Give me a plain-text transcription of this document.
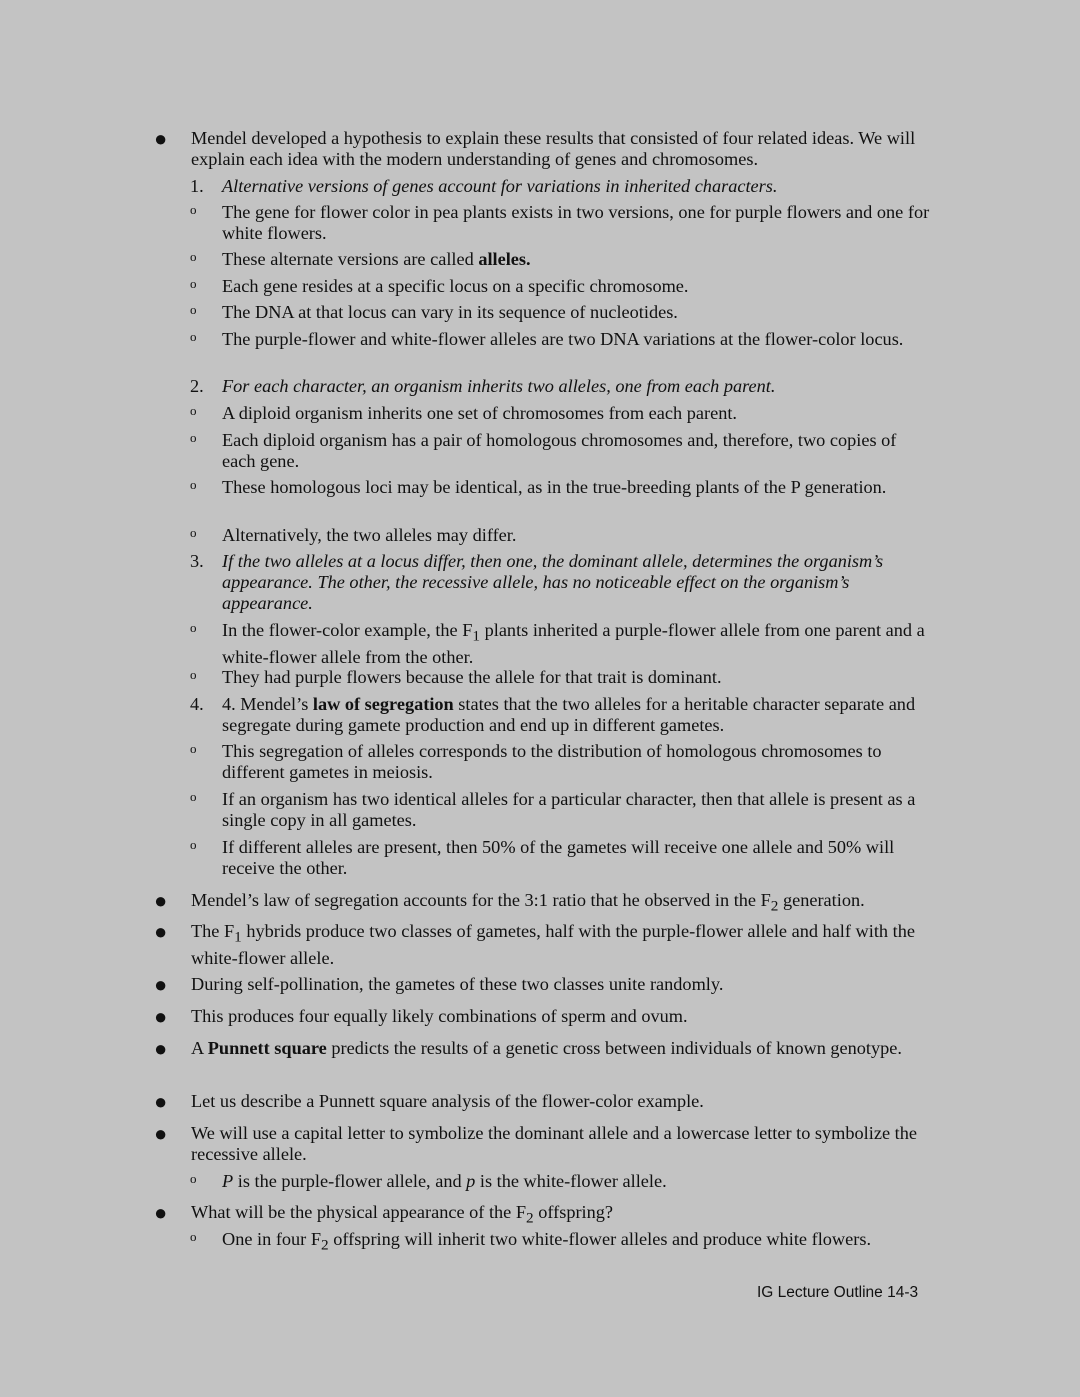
● Mendel developed a hypothesis to explain these results that consisted of four related ideas. We will explain each idea with the modern understanding of genes and chromosomes.

1. Alternative versions of genes account for variations in inherited characters.

o The gene for flower color in pea plants exists in two versions, one for purple flowers and one for white flowers.

o These alternate versions are called alleles.

o Each gene resides at a specific locus on a specific chromosome.

o The DNA at that locus can vary in its sequence of nucleotides.

o The purple-flower and white-flower alleles are two DNA variations at the flower-color locus.

2. For each character, an organism inherits two alleles, one from each parent.

o A diploid organism inherits one set of chromosomes from each parent.

o Each diploid organism has a pair of homologous chromosomes and, therefore, two copies of each gene.

o These homologous loci may be identical, as in the true-breeding plants of the P generation.

o Alternatively, the two alleles may differ.

3. If the two alleles at a locus differ, then one, the dominant allele, determines the organism’s appearance. The other, the recessive allele, has no noticeable effect on the organism’s appearance.

o In the flower-color example, the $F_1$ plants inherited a purple-flower allele from one parent and a white-flower allele from the other.

o They had purple flowers because the allele for that trait is dominant.

4. 4. Mendel’s law of segregation states that the two alleles for a heritable character separate and segregate during gamete production and end up in different gametes.

o This segregation of alleles corresponds to the distribution of homologous chromosomes to different gametes in meiosis.

o If an organism has two identical alleles for a particular character, then that allele is present as a single copy in all gametes.

o If different alleles are present, then 50% of the gametes will receive one allele and 50% will receive the other.

● Mendel’s law of segregation accounts for the 3:1 ratio that he observed in the $F_2$ generation.

● The $F_1$ hybrids produce two classes of gametes, half with the purple-flower allele and half with the white-flower allele.

● During self-pollination, the gametes of these two classes unite randomly.

● This produces four equally likely combinations of sperm and ovum.

● A Punnett square predicts the results of a genetic cross between individuals of known genotype.

● Let us describe a Punnett square analysis of the flower-color example.

● We will use a capital letter to symbolize the dominant allele and a lowercase letter to symbolize the recessive allele.

o P is the purple-flower allele, and p is the white-flower allele.

● What will be the physical appearance of the $F_2$ offspring?

o One in four $F_2$ offspring will inherit two white-flower alleles and produce white flowers.

IG Lecture Outline 14-3
